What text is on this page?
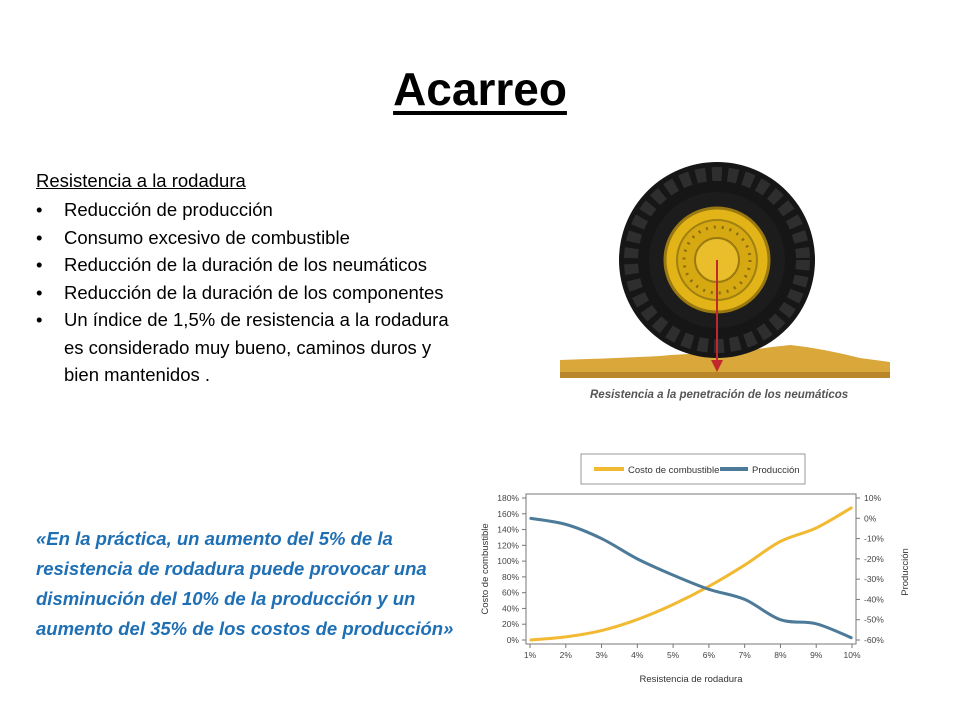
Acarreo
Resistencia a la rodadura
• Reducción de producción
• Consumo excesivo de combustible
• Reducción de la duración de los neumáticos
• Reducción de la duración de los componentes
• Un índice de 1,5% de resistencia a la rodadura es considerado muy bueno, caminos duros y bien mantenidos .
«En la práctica, un aumento del 5% de la resistencia de rodadura puede provocar una disminución del 10% de la producción y un aumento del 35% de los costos de producción»
Resistencia a la penetración de los neumáticos
Costo de combustible	Producción
180%
160%
140%
120%
100%
80%
60%
40%
20%
0%
10%
0%
-10%
-20%
-30%
-40%
-50%
-60%
1%	2%	3%	4%	5%	6%	7%	8%	9% 10%
Resistencia de rodadura
Costo de combustible	Producción
